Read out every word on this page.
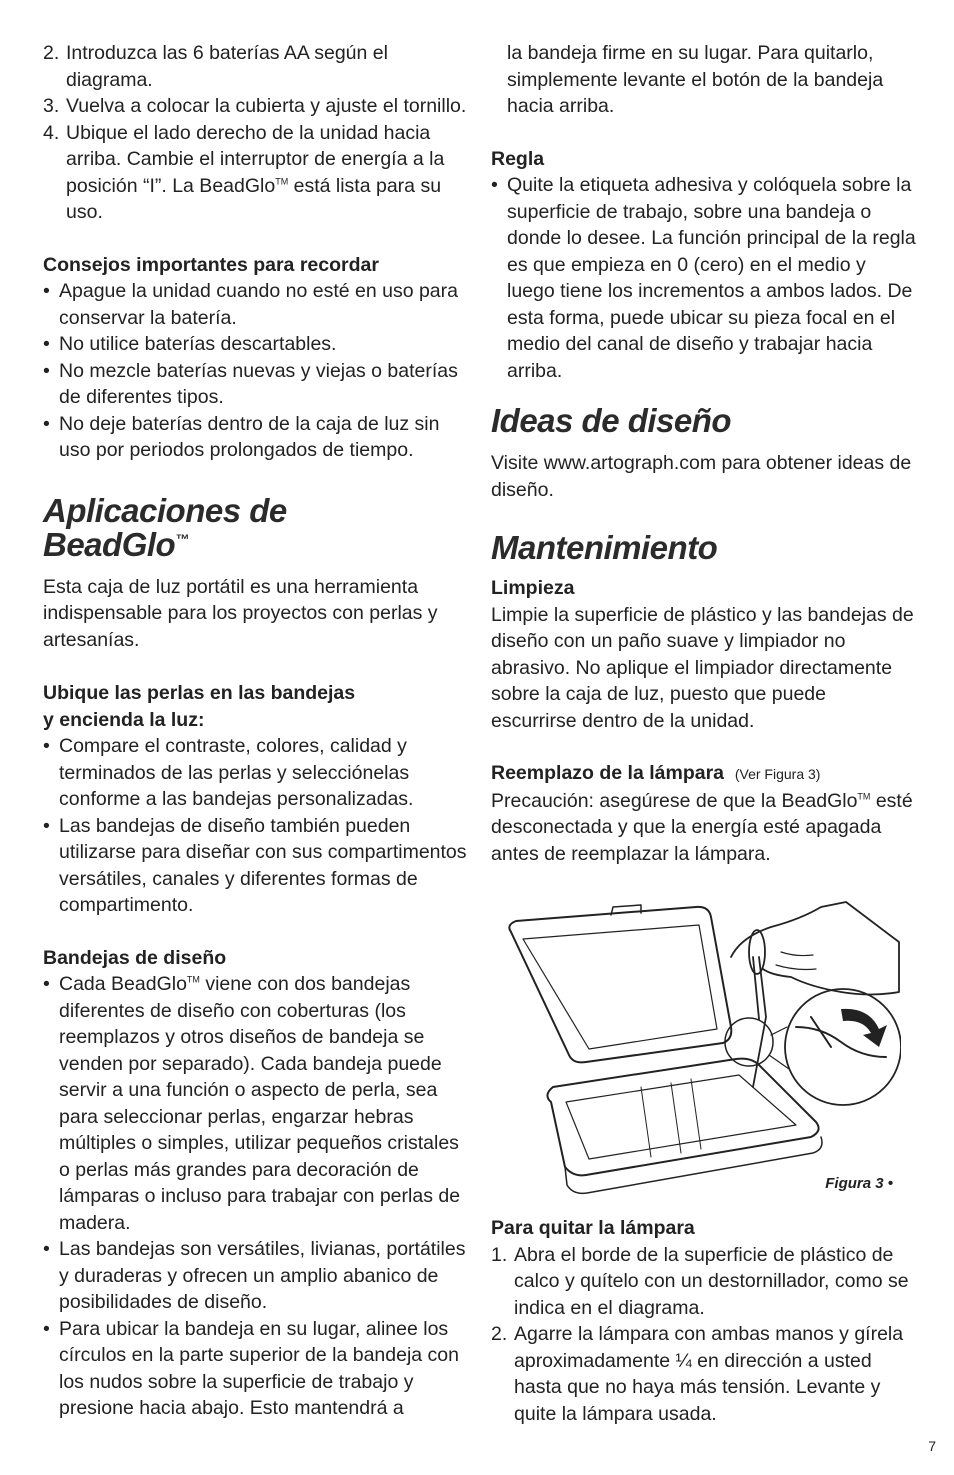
2. Introduzca las 6 baterías AA según el diagrama.
3. Vuelva a colocar la cubierta y ajuste el tornillo.
4. Ubique el lado derecho de la unidad hacia arriba. Cambie el interruptor de energía a la posición “I”. La BeadGlo™ está lista para su uso.

Consejos importantes para recordar

• Apague la unidad cuando no esté en uso para conservar la batería.
• No utilice baterías descartables.
• No mezcle baterías nuevas y viejas o baterías de diferentes tipos.
• No deje baterías dentro de la caja de luz sin uso por periodos prolongados de tiempo.
Aplicaciones de
BeadGlo™

Esta caja de luz portátil es una herramienta indispensable para los proyectos con perlas y artesanías.

Ubique las perlas en las bandejas
y encienda la luz:

• Compare el contraste, colores, calidad y terminados de las perlas y selecciónelas conforme a las bandejas personalizadas.
• Las bandejas de diseño también pueden utilizarse para diseñar con sus compartimentos versátiles, canales y diferentes formas de compartimento.

Bandejas de diseño

• Cada BeadGlo™ viene con dos bandejas diferentes de diseño con coberturas (los reemplazos y otros diseños de bandeja se venden por separado). Cada bandeja puede servir a una función o aspecto de perla, sea para seleccionar perlas, engarzar hebras múltiples o simples, utilizar pequeños cristales o perlas más grandes para decoración de lámparas o incluso para trabajar con perlas de madera.
• Las bandejas son versátiles, livianas, portátiles y duraderas y ofrecen un amplio abanico de posibilidades de diseño.
• Para ubicar la bandeja en su lugar, alinee los círculos en la parte superior de la bandeja con los nudos sobre la superficie de trabajo y presione hacia abajo. Esto mantendrá a

la bandeja firme en su lugar. Para quitarlo, simplemente levante el botón de la bandeja hacia arriba.

Regla

• Quite la etiqueta adhesiva y colóquela sobre la superficie de trabajo, sobre una bandeja o donde lo desee. La función principal de la regla es que empieza en 0 (cero) en el medio y luego tiene los incrementos a ambos lados. De esta forma, puede ubicar su pieza focal en el medio del canal de diseño y trabajar hacia arriba.
Ideas de diseño

Visite www.artograph.com para obtener ideas de diseño.

Mantenimiento

Limpieza

Limpie la superficie de plástico y las bandejas de diseño con un paño suave y limpiador no abrasivo. No aplique el limpiador directamente sobre la caja de luz, puesto que puede escurrirse dentro de la unidad.

Reemplazo de la lámpara (Ver Figura 3)

Precaución: asegúrese de que la BeadGlo™ esté desconectada y que la energía esté apagada antes de reemplazar la lámpara.

Figura 3 •

Para quitar la lámpara

1. Abra el borde de la superficie de plástico de calco y quítelo con un destornillador, como se indica en el diagrama.
2. Agarre la lámpara con ambas manos y gírela aproximadamente ¼ en dirección a usted hasta que no haya más tensión. Levante y quite la lámpara usada.
7
